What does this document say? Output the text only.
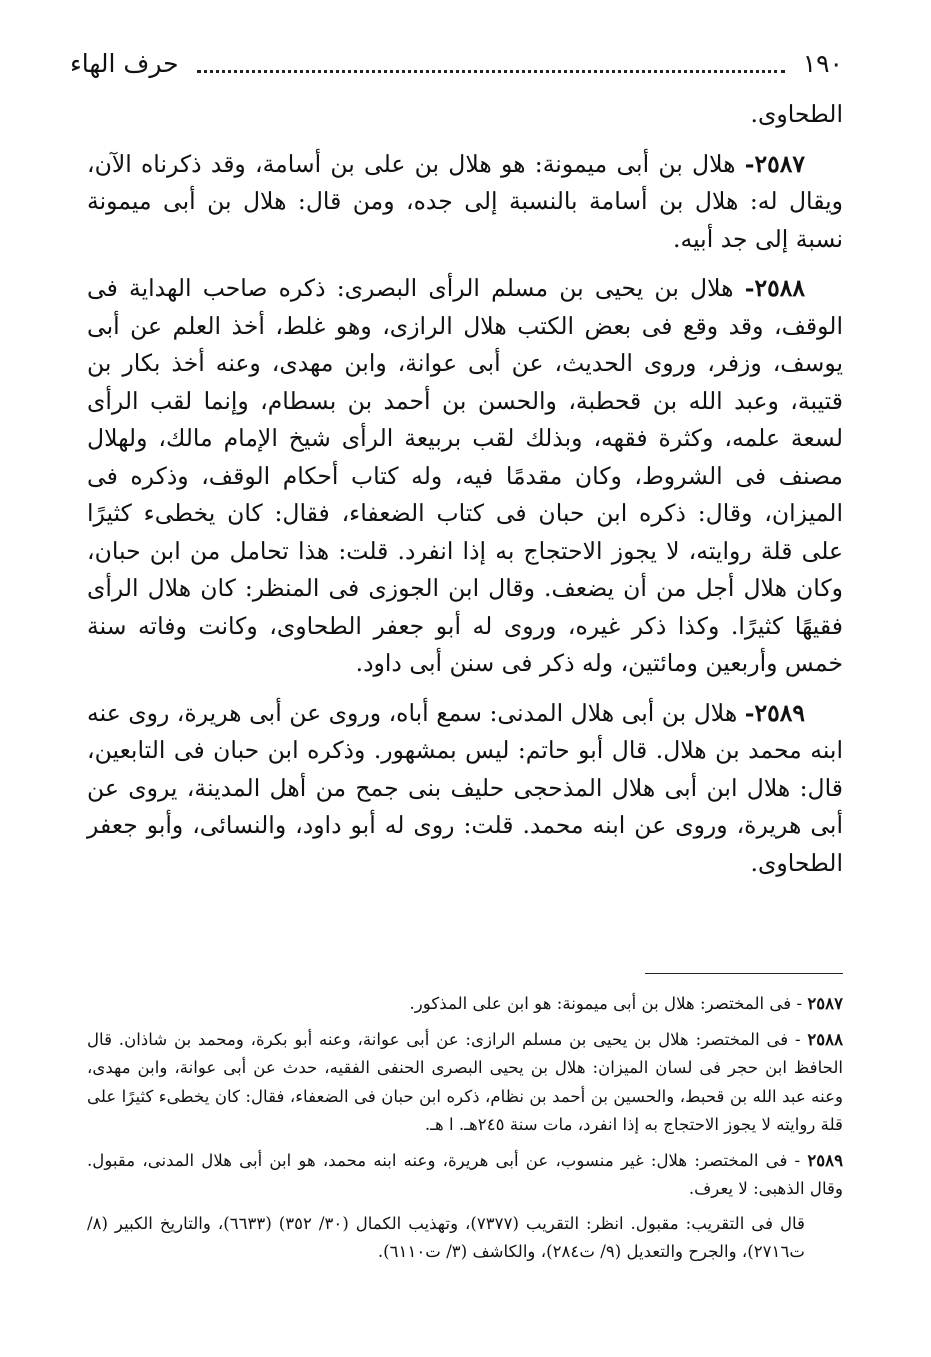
١٩٠
حرف الهاء

الطحاوى.

٢٥٨٧- هلال بن أبى ميمونة: هو هلال بن على بن أسامة، وقد ذكرناه الآن، ويقال له: هلال بن أسامة بالنسبة إلى جده، ومن قال: هلال بن أبى ميمونة نسبة إلى جد أبيه.

٢٥٨٨- هلال بن يحيى بن مسلم الرأى البصرى: ذكره صاحب الهداية فى الوقف، وقد وقع فى بعض الكتب هلال الرازى، وهو غلط، أخذ العلم عن أبى يوسف، وزفر، وروى الحديث، عن أبى عوانة، وابن مهدى، وعنه أخذ بكار بن قتيبة، وعبد الله بن قحطبة، والحسن بن أحمد بن بسطام، وإنما لقب الرأى لسعة علمه، وكثرة فقهه، وبذلك لقب بربيعة الرأى شيخ الإمام مالك، ولهلال مصنف فى الشروط، وكان مقدمًا فيه، وله كتاب أحكام الوقف، وذكره فى الميزان، وقال: ذكره ابن حبان فى كتاب الضعفاء، فقال: كان يخطىء كثيرًا على قلة روايته، لا يجوز الاحتجاج به إذا انفرد. قلت: هذا تحامل من ابن حبان، وكان هلال أجل من أن يضعف. وقال ابن الجوزى فى المنظر: كان هلال الرأى فقيهًا كثيرًا. وكذا ذكر غيره، وروى له أبو جعفر الطحاوى، وكانت وفاته سنة خمس وأربعين ومائتين، وله ذكر فى سنن أبى داود.

٢٥٨٩- هلال بن أبى هلال المدنى: سمع أباه، وروى عن أبى هريرة، روى عنه ابنه محمد بن هلال. قال أبو حاتم: ليس بمشهور. وذكره ابن حبان فى التابعين، قال: هلال ابن أبى هلال المذحجى حليف بنى جمح من أهل المدينة، يروى عن أبى هريرة، وروى عن ابنه محمد. قلت: روى له أبو داود، والنسائى، وأبو جعفر الطحاوى.

٢٥٨٧ - فى المختصر: هلال بن أبى ميمونة: هو ابن على المذكور.

٢٥٨٨ - فى المختصر: هلال بن يحيى بن مسلم الرازى: عن أبى عوانة، وعنه أبو بكرة، ومحمد بن شاذان. قال الحافظ ابن حجر فى لسان الميزان: هلال بن يحيى البصرى الحنفى الفقيه، حدث عن أبى عوانة، وابن مهدى، وعنه عبد الله بن قحبط، والحسين بن أحمد بن نظام، ذكره ابن حبان فى الضعفاء، فقال: كان يخطىء كثيرًا على قلة روايته لا يجوز الاحتجاج به إذا انفرد، مات سنة ٢٤٥هـ. ا هـ.

٢٥٨٩ - فى المختصر: هلال: غير منسوب، عن أبى هريرة، وعنه ابنه محمد، هو ابن أبى هلال المدنى، مقبول. وقال الذهبى: لا يعرف.

قال فى التقريب: مقبول. انظر: التقريب (٧٣٧٧)، وتهذيب الكمال (٣٠/ ٣٥٢) (٦٦٣٣)، والتاريخ الكبير (٨/ ت٢٧١٦)، والجرح والتعديل (٩/ ت٢٨٤)، والكاشف (٣/ ت٦١١٠).
